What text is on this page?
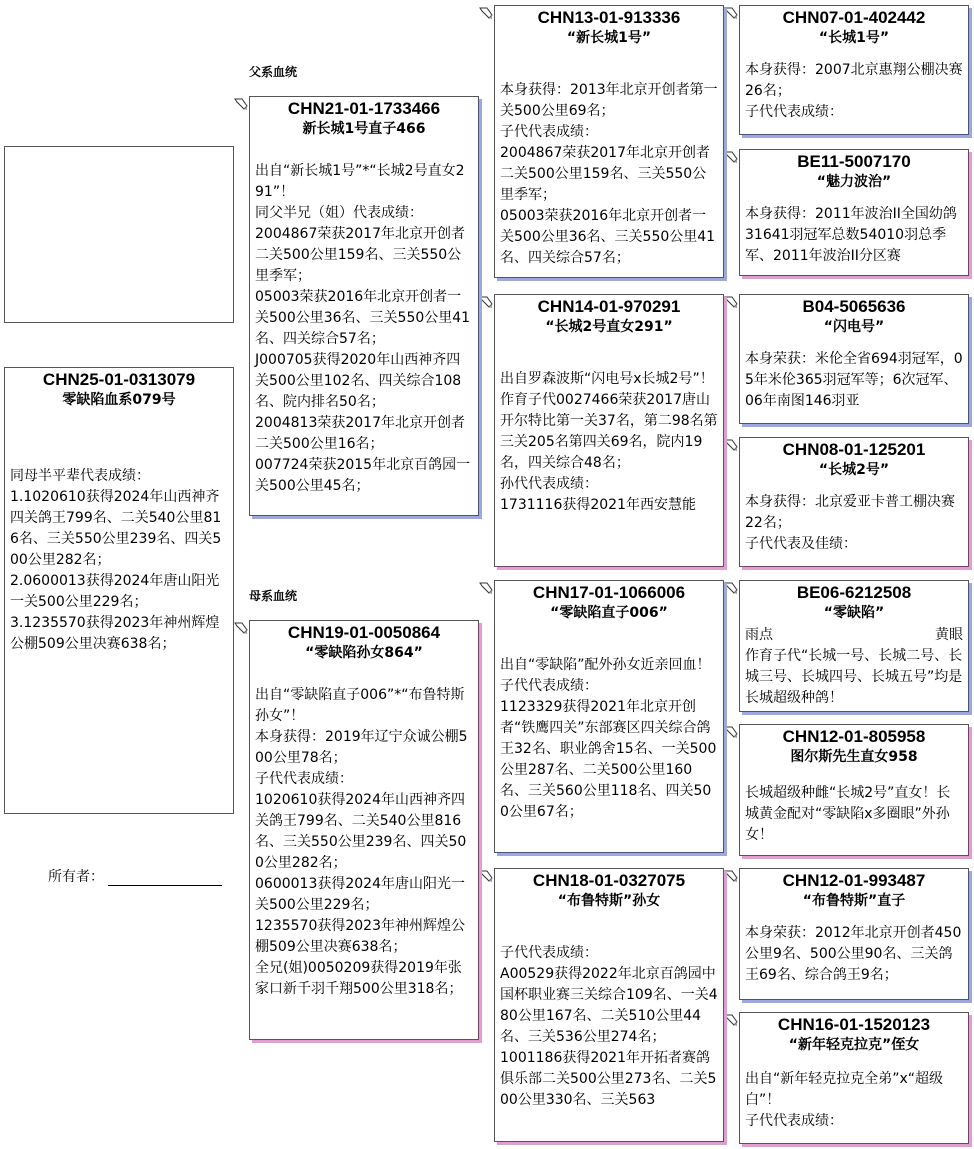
CHN25-01-0313079
零缺陷血系079号
同母半平辈代表成绩：
1.1020610获得2024年山西神齐四关鸽王799名、二关540公里816名、三关550公里239名、四关500公里282名；
2.0600013获得2024年唐山阳光一关500公里229名；
3.1235570获得2023年神州辉煌公棚509公里决赛638名；
所有者：
父系血统
母系血统
CHN21-01-1733466
新长城1号直子466
出自“新长城1号”*“长城2号直女291”！
同父半兄（姐）代表成绩：
2004867荣获2017年北京开创者二关500公里159名、三关550公里季军；
05003荣获2016年北京开创者一关500公里36名、三关550公里41名、四关综合57名；
J000705获得2020年山西神齐四关500公里102名、四关综合108名、院内排名50名；
2004813荣获2017年北京开创者二关500公里16名；
007724荣获2015年北京百鸽园一关500公里45名；
CHN19-01-0050864
“零缺陷孙女864”
出自“零缺陷直子006”*“布鲁特斯孙女”！
本身获得：2019年辽宁众诚公棚500公里78名；
子代代表成绩：
1020610获得2024年山西神齐四关鸽王799名、二关540公里816名、三关550公里239名、四关500公里282名；
0600013获得2024年唐山阳光一关500公里229名；
1235570获得2023年神州辉煌公棚509公里决赛638名；
全兄(姐)0050209获得2019年张家口新千羽千翔500公里318名；
CHN13-01-913336
“新长城1号”
本身获得：2013年北京开创者第一关500公里69名；
子代代表成绩：
2004867荣获2017年北京开创者二关500公里159名、三关550公里季军；
05003荣获2016年北京开创者一关500公里36名、三关550公里41名、四关综合57名；
CHN14-01-970291
“长城2号直女291”
出自罗森波斯“闪电号x长城2号”！
作育子代0027466荣获2017唐山开尔特比第一关37名，第二98名第三关205名第四关69名，院内19名，四关综合48名；
孙代代表成绩：
1731116获得2021年西安慧能
CHN17-01-1066006
“零缺陷直子006”
出自“零缺陷”配外孙女近亲回血！
子代代表成绩：
1123329获得2021年北京开创者“铁鹰四关”东部赛区四关综合鸽王32名、职业鸽舍15名、一关500公里287名、二关500公里160名、三关560公里118名、四关500公里67名；
CHN18-01-0327075
“布鲁特斯”孙女
子代代表成绩：
A00529获得2022年北京百鸽园中国杯职业赛三关综合109名、一关480公里167名、二关510公里44名、三关536公里274名；
1001186获得2021年开拓者赛鸽俱乐部二关500公里273名、二关500公里330名、三关563
CHN07-01-402442
“长城1号”
本身获得：2007北京惠翔公棚决赛26名；
子代代表成绩：
BE11-5007170
“魅力波治”
本身获得：2011年波治II全国幼鸽31641羽冠军总数54010羽总季军、2011年波治II分区赛
B04-5065636
“闪电号”
本身荣获：米伦全省694羽冠军，05年米伦365羽冠军等；6次冠军、06年南图146羽亚
CHN08-01-125201
“长城2号”
本身获得：北京爱亚卡普工棚决赛22名；
子代代表及佳绩：
BE06-6212508
“零缺陷”
雨点	黄眼
作育子代“长城一号、长城二号、长城三号、长城四号、长城五号”均是长城超级种鸽！
CHN12-01-805958
图尔斯先生直女958
长城超级种雌“长城2号”直女！长城黄金配对“零缺陷x多圈眼”外孙女！
CHN12-01-993487
“布鲁特斯”直子
本身荣获：2012年北京开创者450公里9名、500公里90名、三关鸽王69名、综合鸽王9名；
CHN16-01-1520123
“新年轻克拉克”侄女
出自“新年轻克拉克全弟”x“超级白”！
子代代表成绩：
